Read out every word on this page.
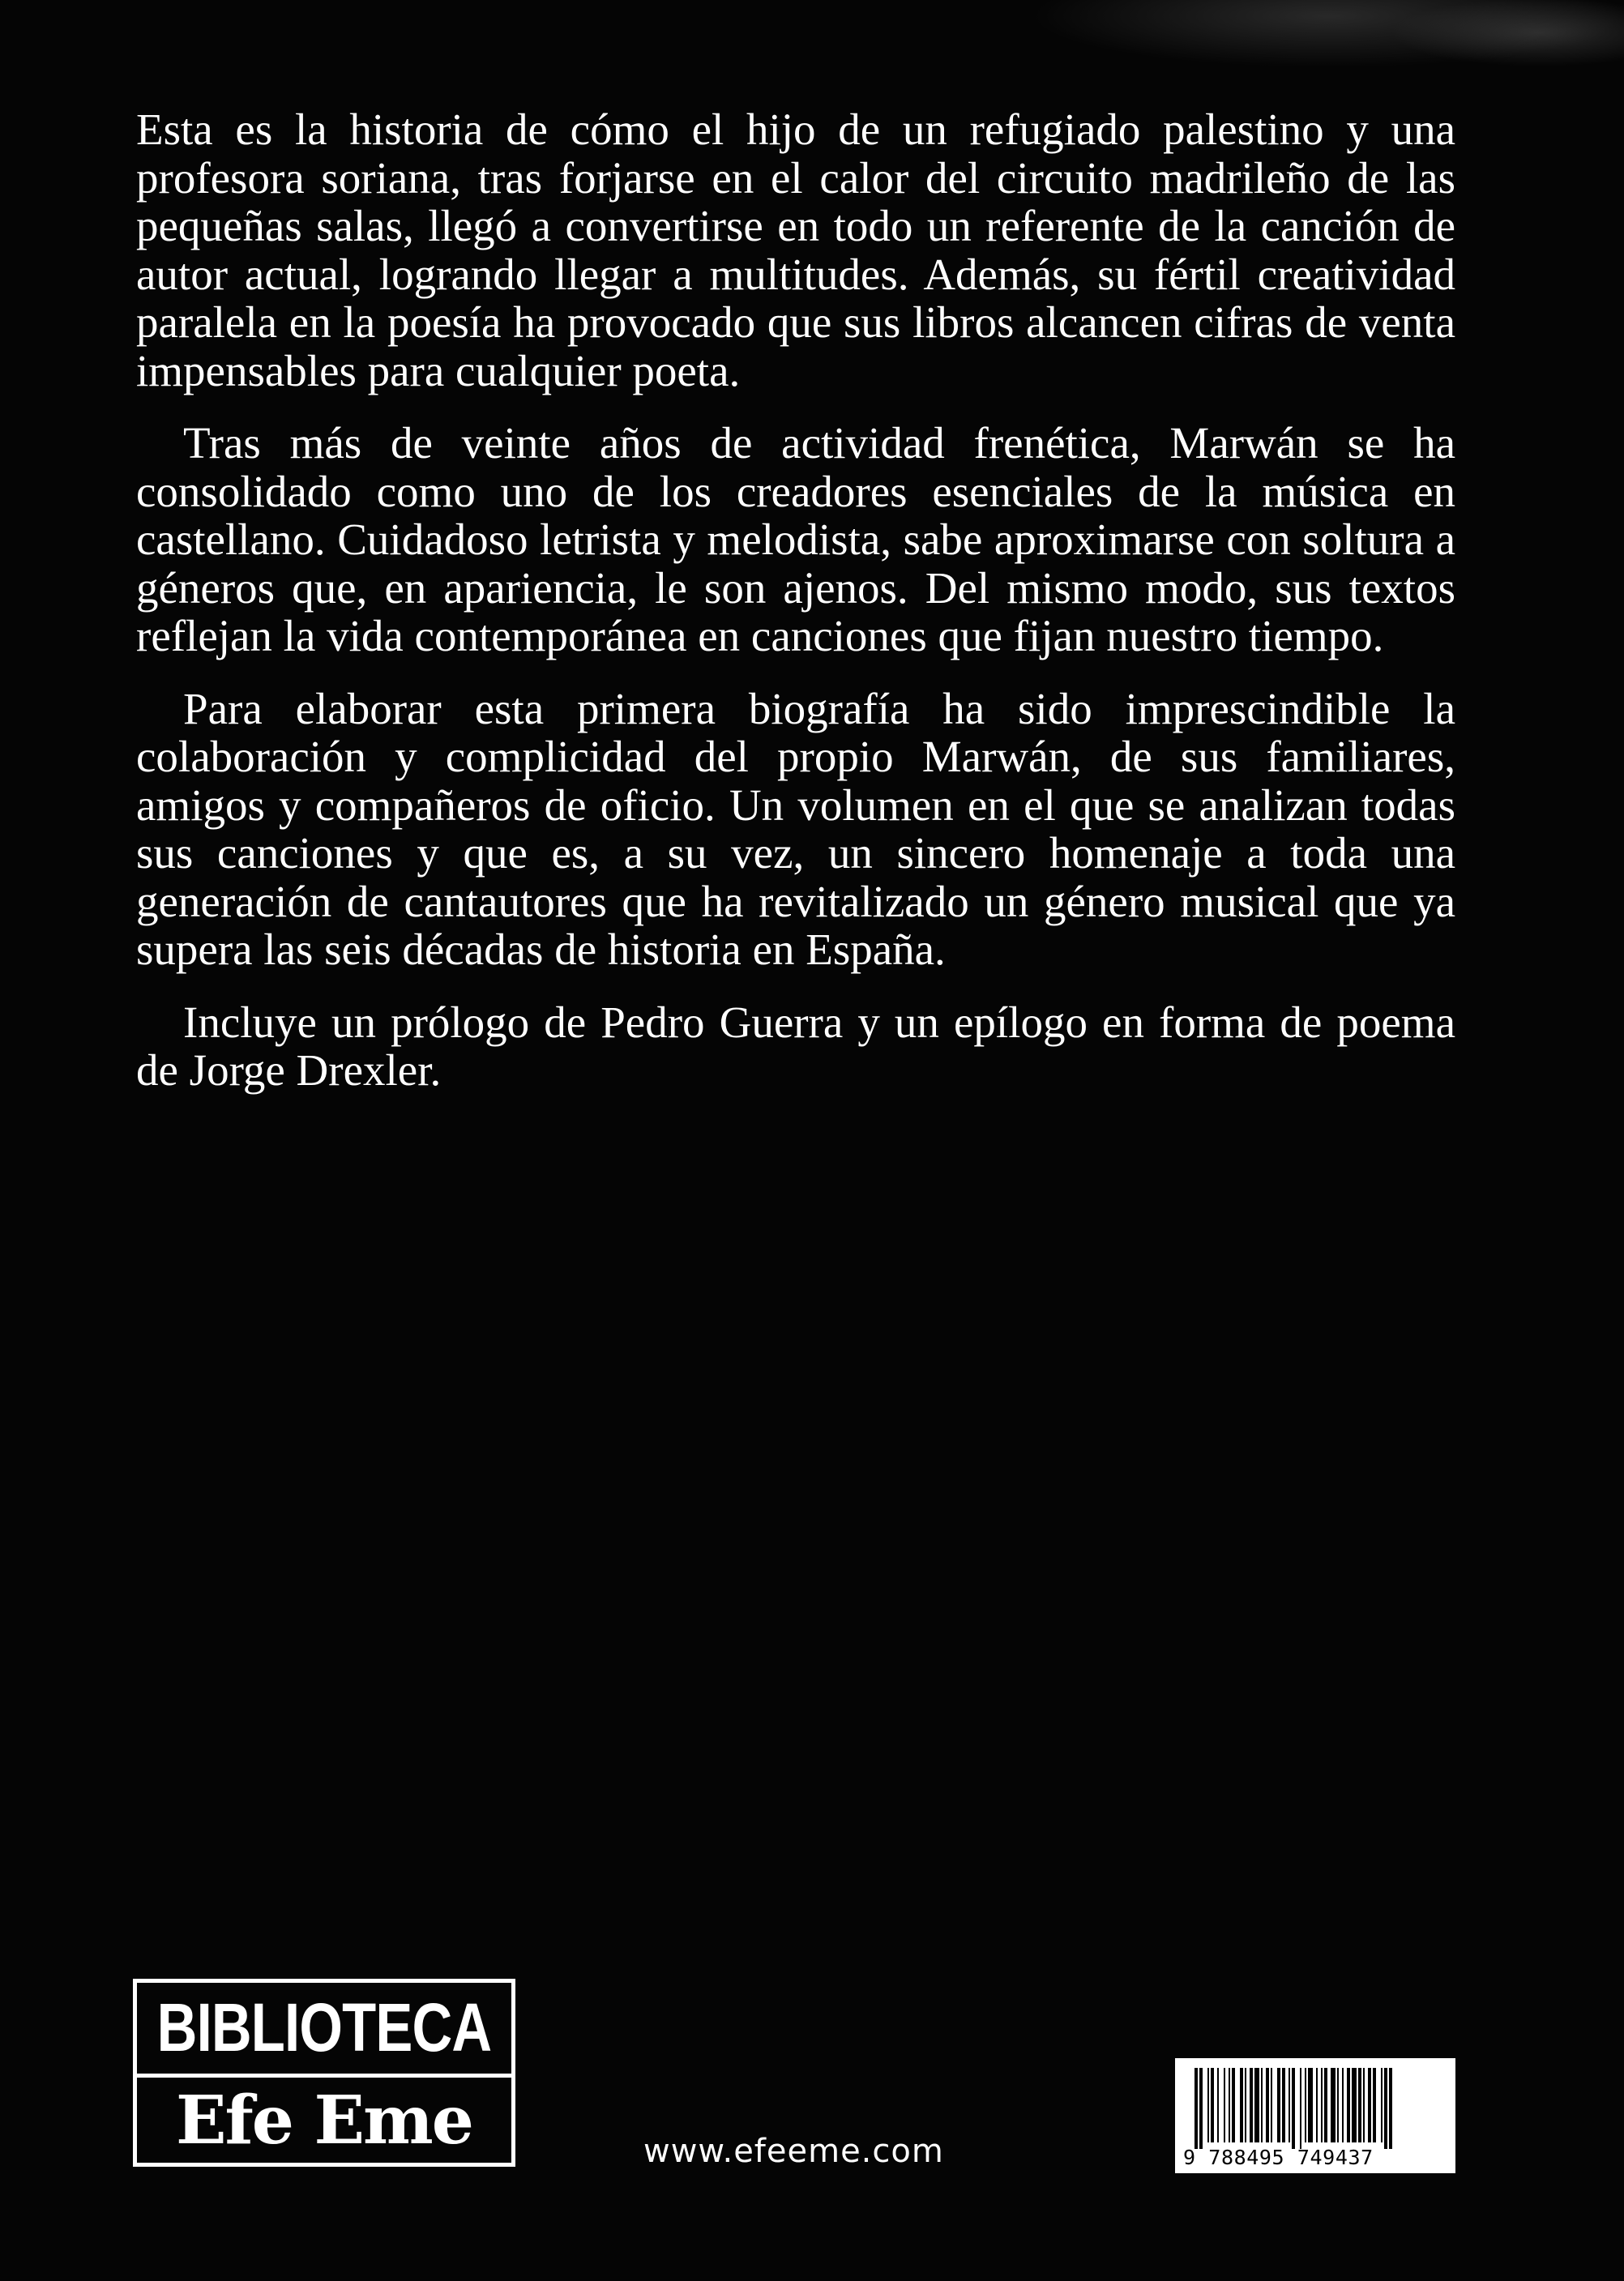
Esta es la historia de cómo el hijo de un refugiado palestino y una profesora soriana, tras forjarse en el calor del circuito madrileño de las pequeñas salas, llegó a convertirse en todo un referente de la canción de autor actual, logrando llegar a multitudes. Además, su fértil creatividad paralela en la poesía ha provocado que sus libros alcancen cifras de venta impensables para cualquier poeta.

Tras más de veinte años de actividad frenética, Marwán se ha consolidado como uno de los creadores esenciales de la música en castellano. Cuidadoso letrista y melodista, sabe aproximarse con soltura a géneros que, en apariencia, le son ajenos. Del mismo modo, sus textos reflejan la vida contemporánea en canciones que fijan nuestro tiempo.

Para elaborar esta primera biografía ha sido imprescindible la colaboración y complicidad del propio Marwán, de sus familiares, amigos y compañeros de oficio. Un volumen en el que se analizan todas sus canciones y que es, a su vez, un sincero homenaje a toda una generación de cantautores que ha revitalizado un género musical que ya supera las seis décadas de historia en España.

Incluye un prólogo de Pedro Guerra y un epílogo en forma de poema de Jorge Drexler.

BIBLIOTECA
Efe Eme	www.efeeme.com	9 788495 749437
